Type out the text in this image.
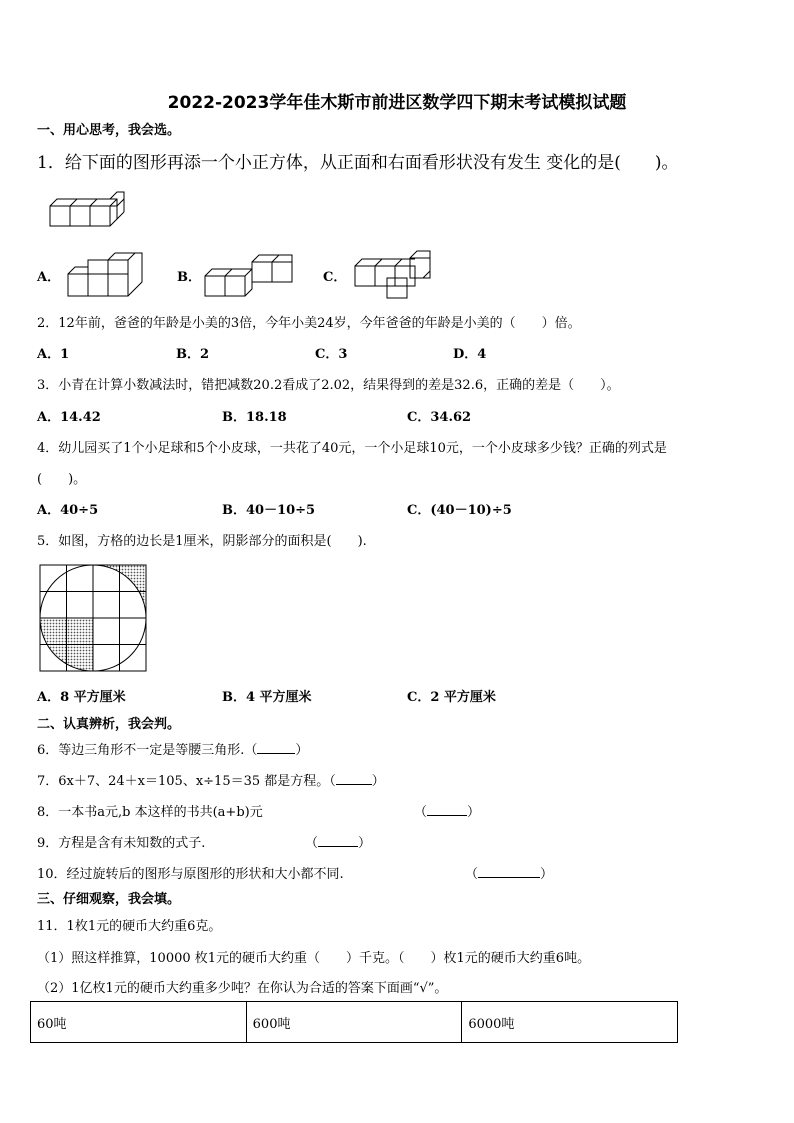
2022-2023学年佳木斯市前进区数学四下期末考试模拟试题
一、用心思考，我会选。
1．给下面的图形再添一个小正方体，从正面和右面看形状没有发生 变化的是(　　)。
A．	B．	C．
2．12年前，爸爸的年龄是小美的3倍，今年小美24岁，今年爸爸的年龄是小美的（　　）倍。
A．1	B．2	C．3	D．4
3．小青在计算小数减法时，错把减数20.2看成了2.02，结果得到的差是32.6，正确的差是（　　）。
A．14.42	B．18.18	C．34.62
4．幼儿园买了1个小足球和5个小皮球，一共花了40元，一个小足球10元，一个小皮球多少钱？正确的列式是
(　　)。
A．40÷5	B．40－10÷5	C．(40－10)÷5
5．如图，方格的边长是1厘米，阴影部分的面积是(　　).
A．8 平方厘米	B．4 平方厘米	C．2 平方厘米
二、认真辨析，我会判。
6．等边三角形不一定是等腰三角形.（	）
7．6x＋7、24＋x＝105、x÷15＝35 都是方程。（	）
8．一本书a元,b 本这样的书共(a+b)元	（	）
9．方程是含有未知数的式子.	（	）
10．经过旋转后的图形与原图形的形状和大小都不同.	（	）
三、仔细观察，我会填。
11．1枚1元的硬币大约重6克。
（1）照这样推算，10000 枚1元的硬币大约重（　　）千克。（　　）枚1元的硬币大约重6吨。
（2）1亿枚1元的硬币大约重多少吨？在你认为合适的答案下面画“√”。
60吨	600吨	6000吨
